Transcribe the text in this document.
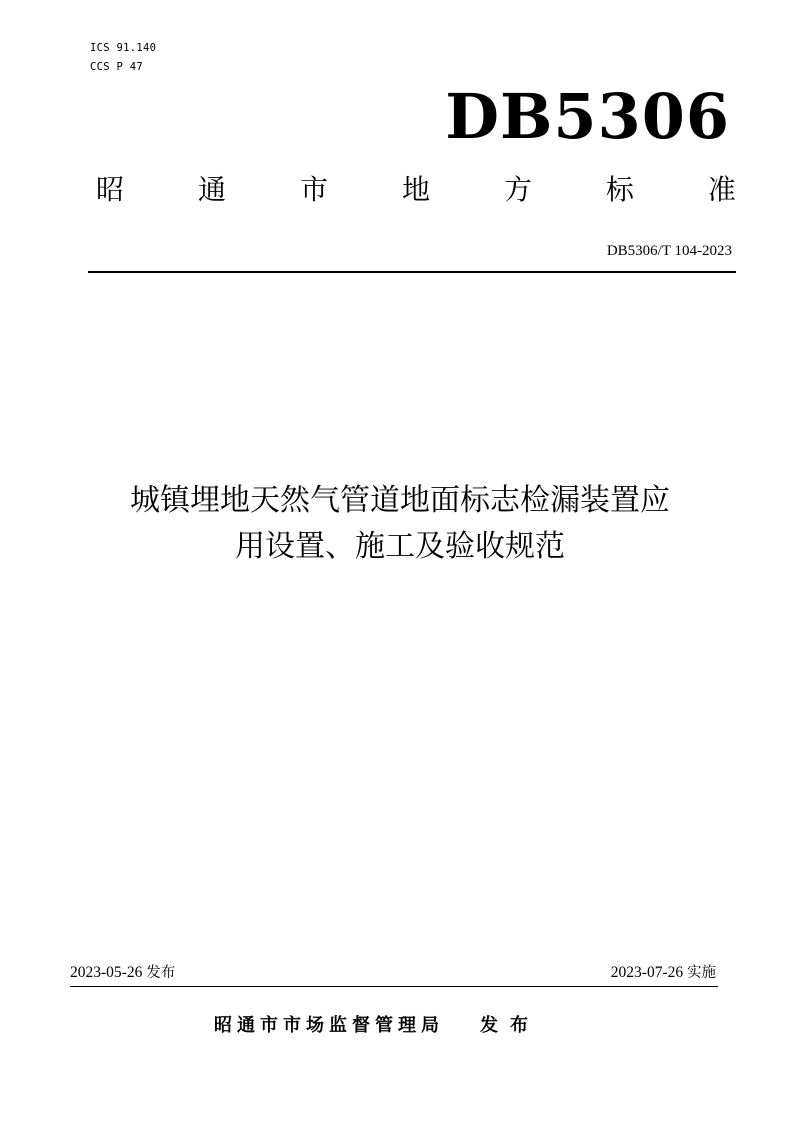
ICS 91.140
CCS P 47
DB5306
昭	通	市	地	方	标	准
DB5306/T 104-2023
城镇埋地天然气管道地面标志检漏装置应
用设置、施工及验收规范
2023-05-26 发布	2023-07-26 实施
昭通市市场监督管理局 发布
